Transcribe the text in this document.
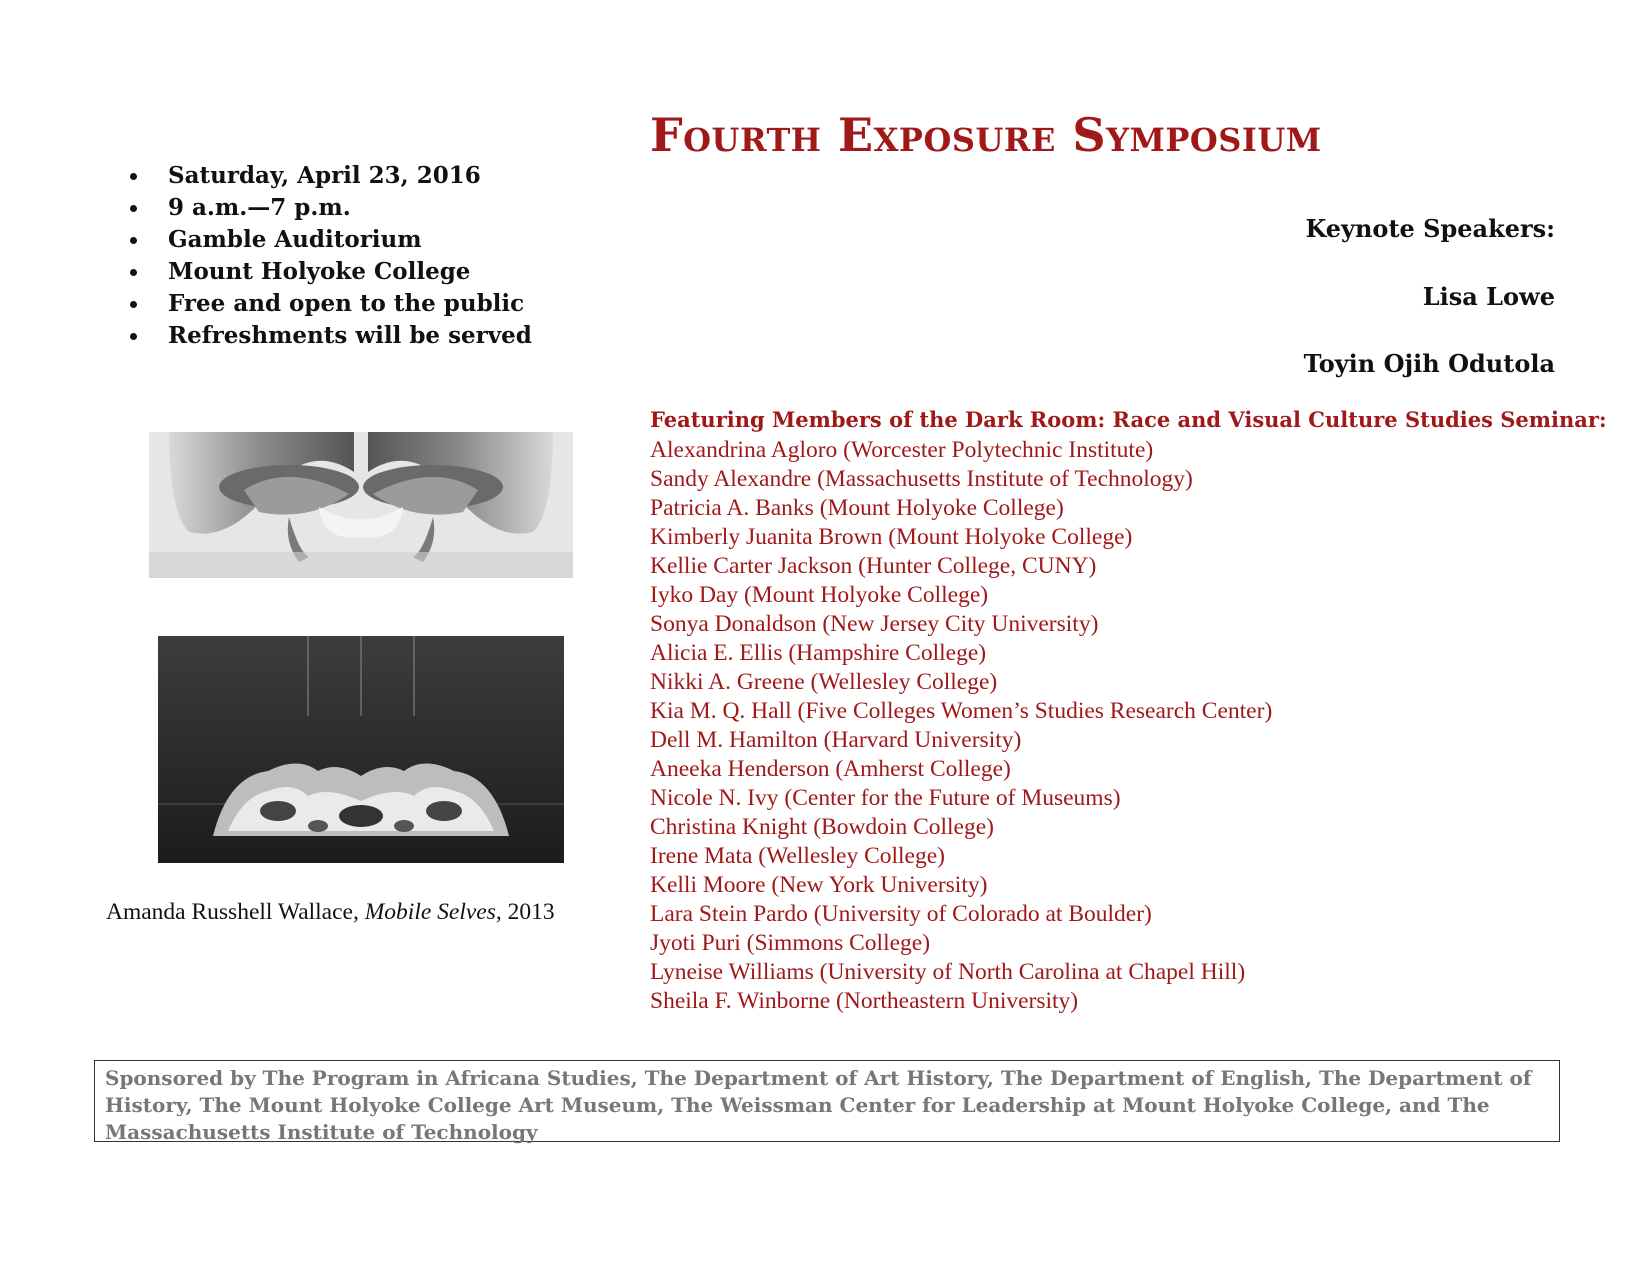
Fourth Exposure Symposium
Saturday, April 23, 2016
9 a.m.—7 p.m.
Gamble Auditorium
Mount Holyoke College
Free and open to the public
Refreshments will be served
Keynote Speakers:
Lisa Lowe
Toyin Ojih Odutola
Featuring Members of the Dark Room: Race and Visual Culture Studies Seminar:
Alexandrina Agloro (Worcester Polytechnic Institute)
Sandy Alexandre (Massachusetts Institute of Technology)
Patricia A. Banks (Mount Holyoke College)
Kimberly Juanita Brown (Mount Holyoke College)
Kellie Carter Jackson (Hunter College, CUNY)
Iyko Day (Mount Holyoke College)
Sonya Donaldson (New Jersey City University)
Alicia E. Ellis (Hampshire College)
Nikki A. Greene (Wellesley College)
Kia M. Q. Hall (Five Colleges Women’s Studies Research Center)
Dell M. Hamilton (Harvard University)
Aneeka Henderson (Amherst College)
Nicole N. Ivy (Center for the Future of Museums)
Christina Knight (Bowdoin College)
Irene Mata (Wellesley College)
Kelli Moore (New York University)
Lara Stein Pardo (University of Colorado at Boulder)
Jyoti Puri (Simmons College)
Lyneise Williams (University of North Carolina at Chapel Hill)
Sheila F. Winborne (Northeastern University)
Amanda Russhell Wallace, Mobile Selves, 2013
Sponsored by The Program in Africana Studies, The Department of Art History, The Department of English, The Department of History, The Mount Holyoke College Art Museum, The Weissman Center for Leadership at Mount Holyoke College, and The Massachusetts Institute of Technology
